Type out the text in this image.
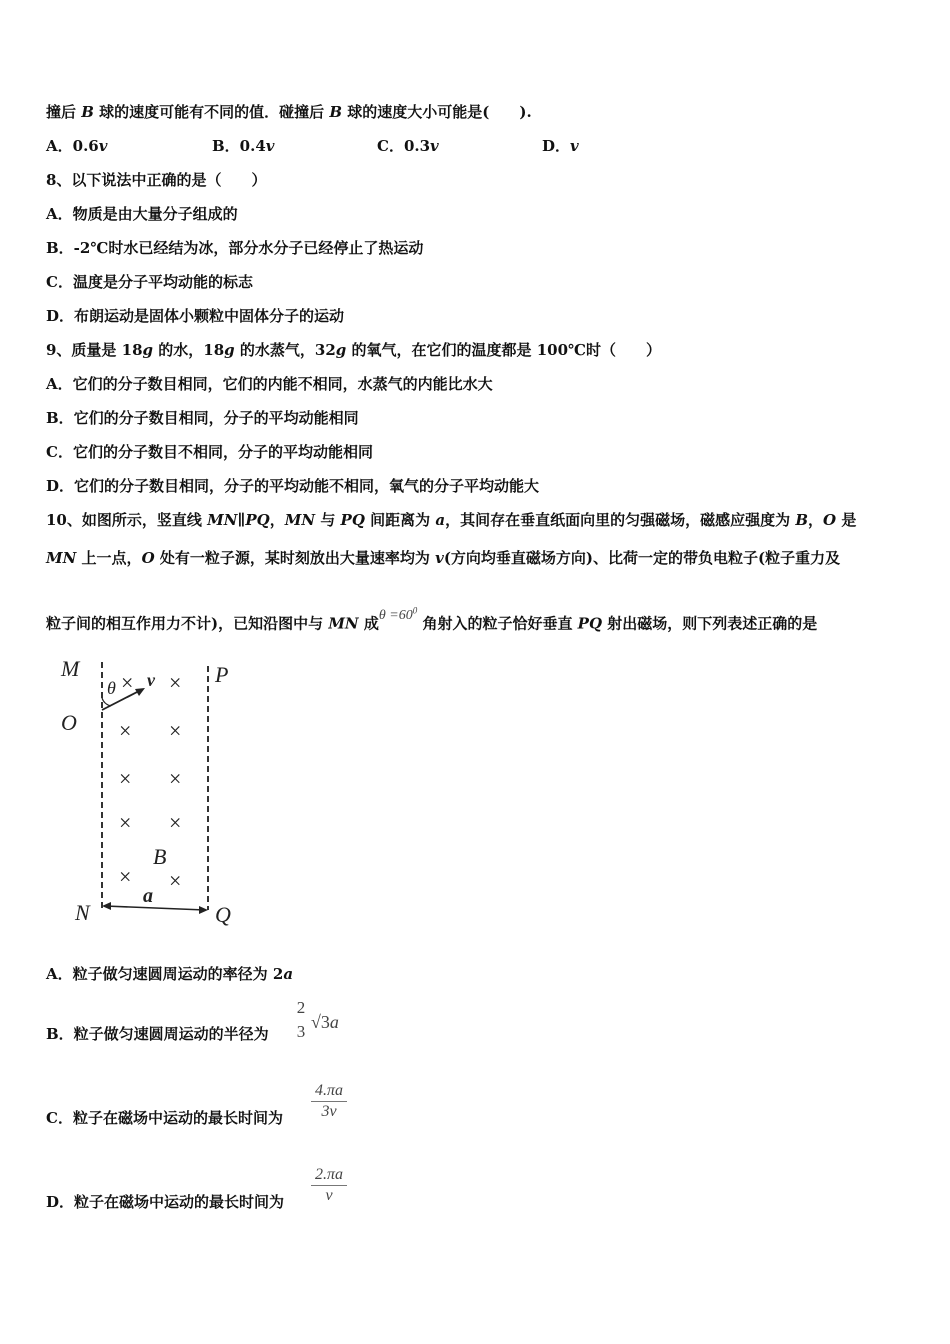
撞后 B 球的速度可能有不同的值．碰撞后 B 球的速度大小可能是(　　).
A．0.6v	B．0.4v	C．0.3v	D．v
8、以下说法中正确的是（　　）
A．物质是由大量分子组成的
B．-2℃时水已经结为冰，部分水分子已经停止了热运动
C．温度是分子平均动能的标志
D．布朗运动是固体小颗粒中固体分子的运动
9、质量是 18g 的水，18g 的水蒸气，32g 的氧气，在它们的温度都是 100℃时（　　）
A．它们的分子数目相同，它们的内能不相同，水蒸气的内能比水大
B．它们的分子数目相同，分子的平均动能相同
C．它们的分子数目不相同，分子的平均动能相同
D．它们的分子数目相同，分子的平均动能不相同，氧气的分子平均动能大
10、如图所示，竖直线 MN∥PQ，MN 与 PQ 间距离为 a，其间存在垂直纸面向里的匀强磁场，磁感应强度为 B，O 是
MN 上一点，O 处有一粒子源，某时刻放出大量速率均为 v(方向均垂直磁场方向)、比荷一定的带负电粒子(粒子重力及
粒子间的相互作用力不计)，已知沿图中与 MN 成$\theta =60^0$ 角射入的粒子恰好垂直 PQ 射出磁场，则下列表述正确的是
M	P
O
N	Q
θ v
× ×
× ×
× ×
× ×
× ×
B
a
A．粒子做匀速圆周运动的率径为 2a
B．粒子做匀速圆周运动的半径为
2
3 √3a
C．粒子在磁场中运动的最长时间为
4.πa
3v
D．粒子在磁场中运动的最长时间为
2.πa
v
